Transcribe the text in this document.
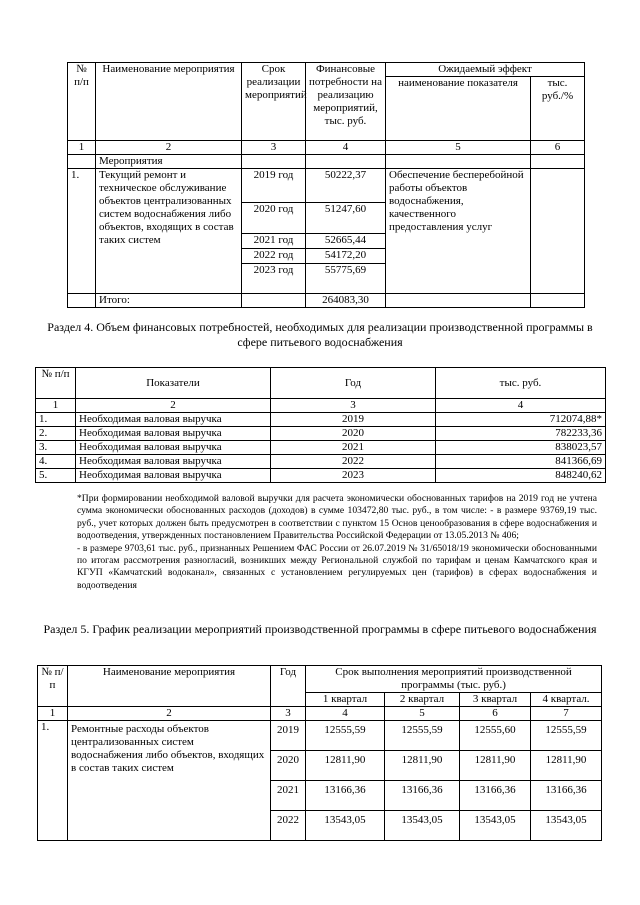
№ п/п	Наименование мероприятия	Срок реализации мероприятий	Финансовые потребности на реализацию мероприятий, тыс. руб.	Ожидаемый эффект	
				наименование показателя	тыс. руб./%
1	2	3	4	5	6
	Мероприятия				
1.	Текущий ремонт и техническое обслуживание объектов централизованных систем водоснабжения либо объектов, входящих в состав таких систем	2019 год	50222,37	Обеспечение бесперебойной работы объектов водоснабжения, качественного предоставления услуг	
		2020 год	51247,60		
		2021 год	52665,44		
		2022 год	54172,20		
		2023 год	55775,69		
	Итого:		264083,30		
Раздел 4. Объем финансовых потребностей, необходимых для реализации производственной программы в сфере питьевого водоснабжения
№ п/п	Показатели	Год	тыс. руб.
1	2	3	4
1.	Необходимая валовая выручка	2019	712074,88*
2.	Необходимая валовая выручка	2020	782233,36
3.	Необходимая валовая выручка	2021	838023,57
4.	Необходимая валовая выручка	2022	841366,69
5.	Необходимая валовая выручка	2023	848240,62

*При формировании необходимой валовой выручки для расчета экономически обоснованных тарифов на 2019 год не учтена сумма экономически обоснованных расходов (доходов) в сумме 103472,80 тыс. руб., в том числе: - в размере 93769,19 тыс. руб., учет которых должен быть предусмотрен в соответствии с пунктом 15 Основ ценообразования в сфере водоснабжения и водоотведения, утвержденных постановлением Правительства Российской Федерации от 13.05.2013 № 406;

- в размере 9703,61 тыс. руб., признанных Решением ФАС России от 26.07.2019 № 31/65018/19 экономически обоснованными по итогам рассмотрения разногласий, возникших между Региональной службой по тарифам и ценам Камчатского края и КГУП «Камчатский водоканал», связанных с установлением регулируемых цен (тарифов) в сферах водоснабжения и водоотведения

Раздел 5. График реализации мероприятий производственной программы в сфере питьевого водоснабжения
№ п/ п	Наименование мероприятия	Год	Срок выполнения мероприятий производственной программы (тыс. руб.)			
			1 квартал	2 квартал	3 квартал	4 квартал.
1	2	3	4	5	6	7
1.	Ремонтные расходы объектов централизованных систем водоснабжения либо объектов, входящих в состав таких систем	2019	12555,59	12555,59	12555,60	12555,59
		2020	12811,90	12811,90	12811,90	12811,90
		2021	13166,36	13166,36	13166,36	13166,36
		2022	13543,05	13543,05	13543,05	13543,05
